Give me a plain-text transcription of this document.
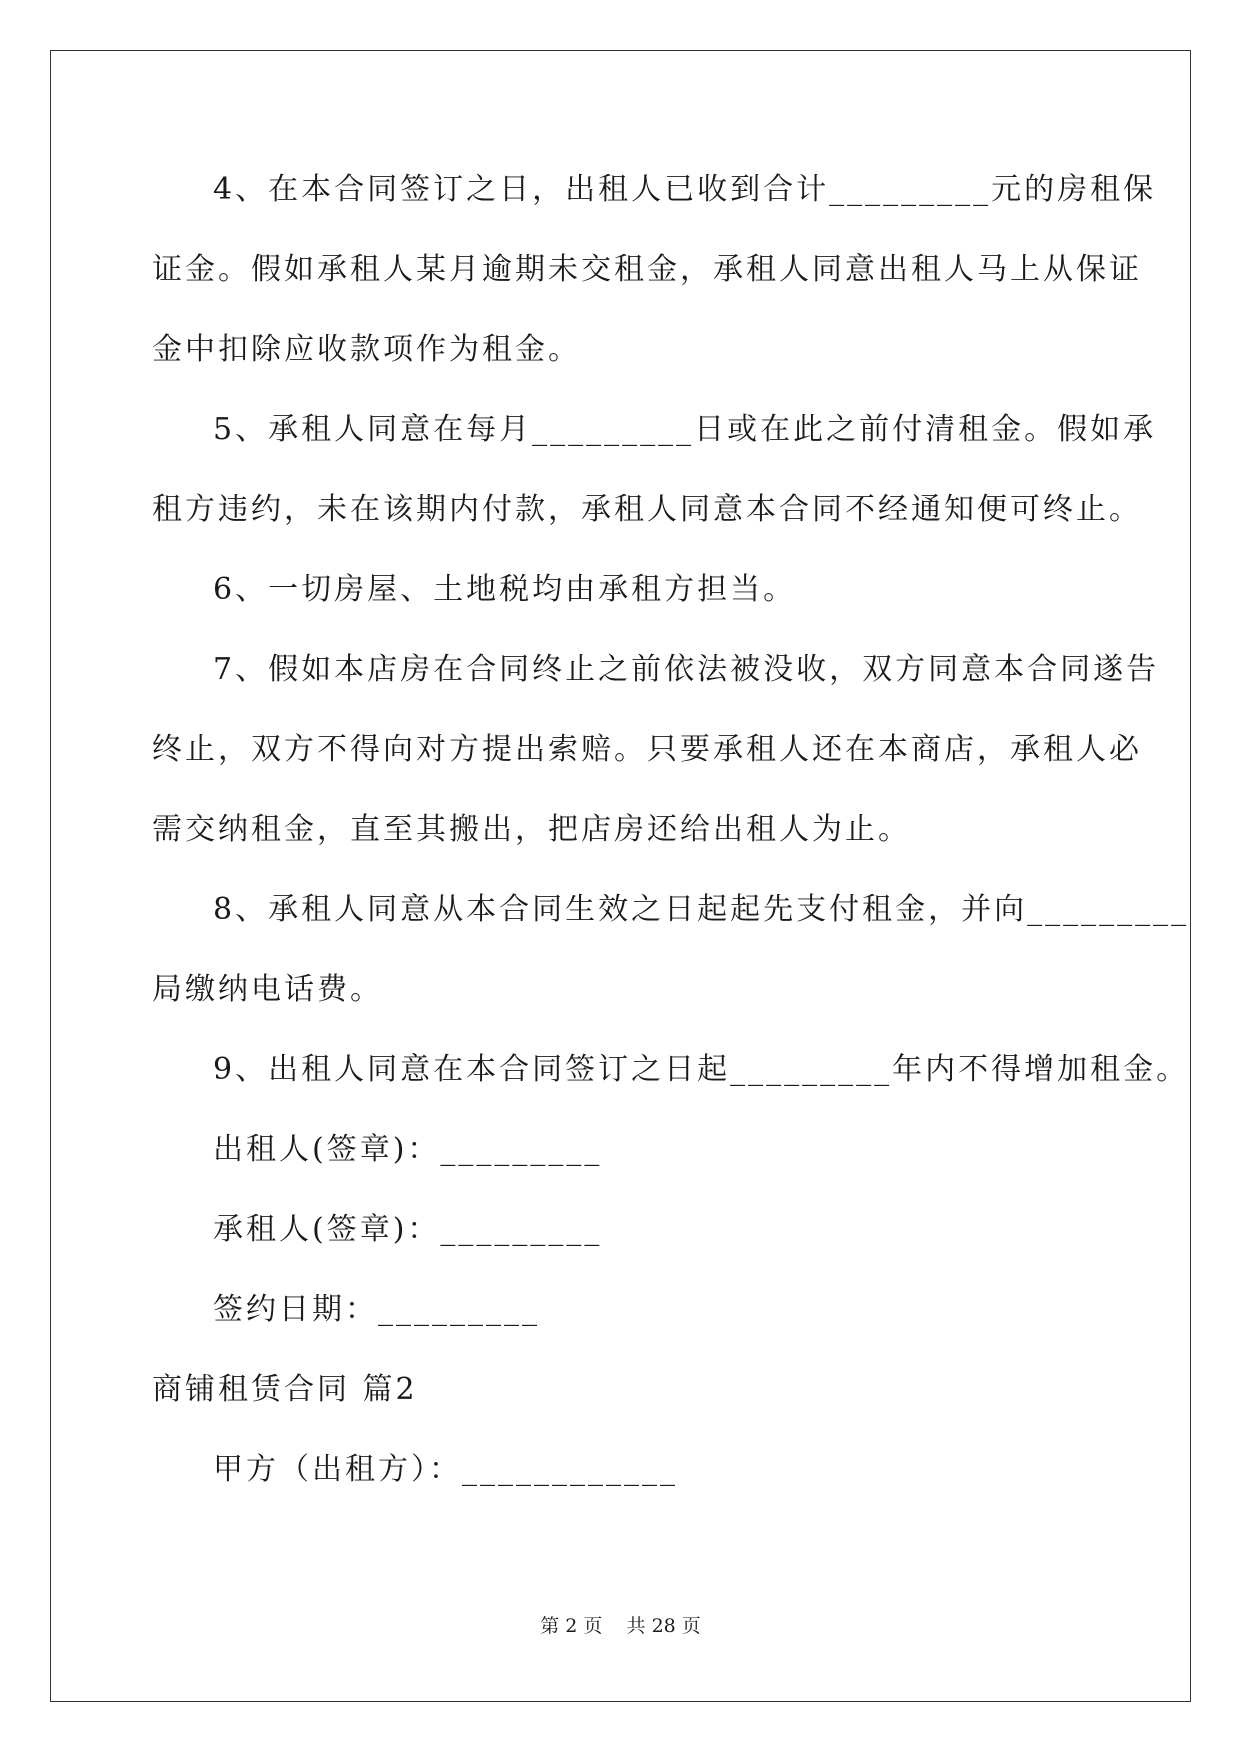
4、在本合同签订之日，出租人已收到合计_________元的房租保
证金。假如承租人某月逾期未交租金，承租人同意出租人马上从保证
金中扣除应收款项作为租金。
5、承租人同意在每月_________日或在此之前付清租金。假如承
租方违约，未在该期内付款，承租人同意本合同不经通知便可终止。
6、一切房屋、土地税均由承租方担当。
7、假如本店房在合同终止之前依法被没收，双方同意本合同遂告
终止，双方不得向对方提出索赔。只要承租人还在本商店，承租人必
需交纳租金，直至其搬出，把店房还给出租人为止。
8、承租人同意从本合同生效之日起起先支付租金，并向_________
局缴纳电话费。
9、出租人同意在本合同签订之日起_________年内不得增加租金。
出租人(签章)：_________
承租人(签章)：_________
签约日期：_________
商铺租赁合同 篇2
甲方（出租方）：____________
第 2 页    共 28 页
